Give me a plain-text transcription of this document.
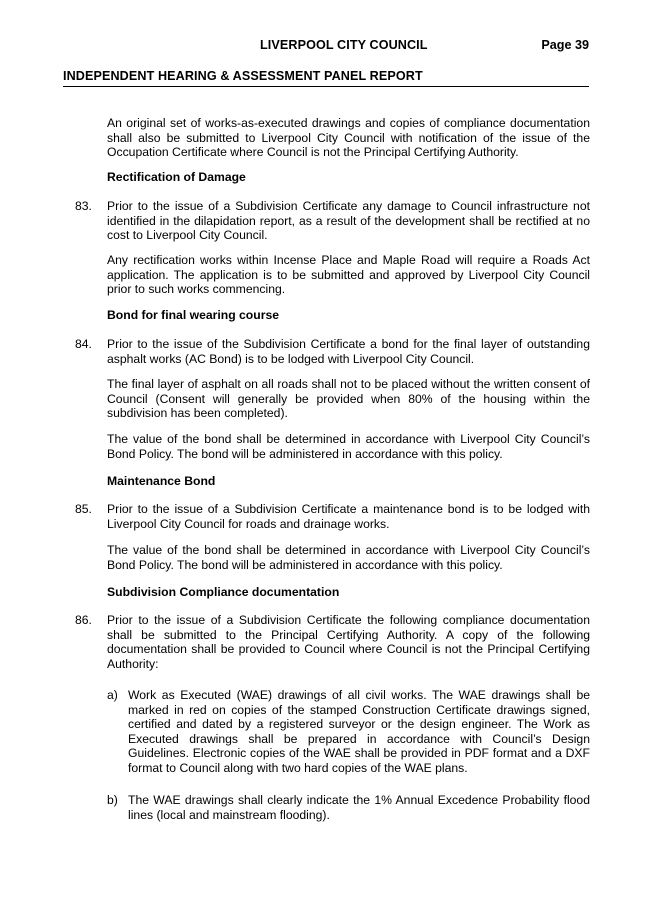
LIVERPOOL CITY COUNCIL	Page 39
INDEPENDENT HEARING & ASSESSMENT PANEL REPORT
An original set of works-as-executed drawings and copies of compliance documentation shall also be submitted to Liverpool City Council with notification of the issue of the Occupation Certificate where Council is not the Principal Certifying Authority.
Rectification of Damage
83. Prior to the issue of a Subdivision Certificate any damage to Council infrastructure not identified in the dilapidation report, as a result of the development shall be rectified at no cost to Liverpool City Council.
Any rectification works within Incense Place and Maple Road will require a Roads Act application. The application is to be submitted and approved by Liverpool City Council prior to such works commencing.
Bond for final wearing course
84. Prior to the issue of the Subdivision Certificate a bond for the final layer of outstanding asphalt works (AC Bond) is to be lodged with Liverpool City Council.
The final layer of asphalt on all roads shall not to be placed without the written consent of Council (Consent will generally be provided when 80% of the housing within the subdivision has been completed).
The value of the bond shall be determined in accordance with Liverpool City Council’s Bond Policy. The bond will be administered in accordance with this policy.
Maintenance Bond
85. Prior to the issue of a Subdivision Certificate a maintenance bond is to be lodged with Liverpool City Council for roads and drainage works.
The value of the bond shall be determined in accordance with Liverpool City Council’s Bond Policy. The bond will be administered in accordance with this policy.
Subdivision Compliance documentation
86. Prior to the issue of a Subdivision Certificate the following compliance documentation shall be submitted to the Principal Certifying Authority. A copy of the following documentation shall be provided to Council where Council is not the Principal Certifying Authority:
a) Work as Executed (WAE) drawings of all civil works. The WAE drawings shall be marked in red on copies of the stamped Construction Certificate drawings signed, certified and dated by a registered surveyor or the design engineer. The Work as Executed drawings shall be prepared in accordance with Council’s Design Guidelines. Electronic copies of the WAE shall be provided in PDF format and a DXF format to Council along with two hard copies of the WAE plans.
b) The WAE drawings shall clearly indicate the 1% Annual Excedence Probability flood lines (local and mainstream flooding).
